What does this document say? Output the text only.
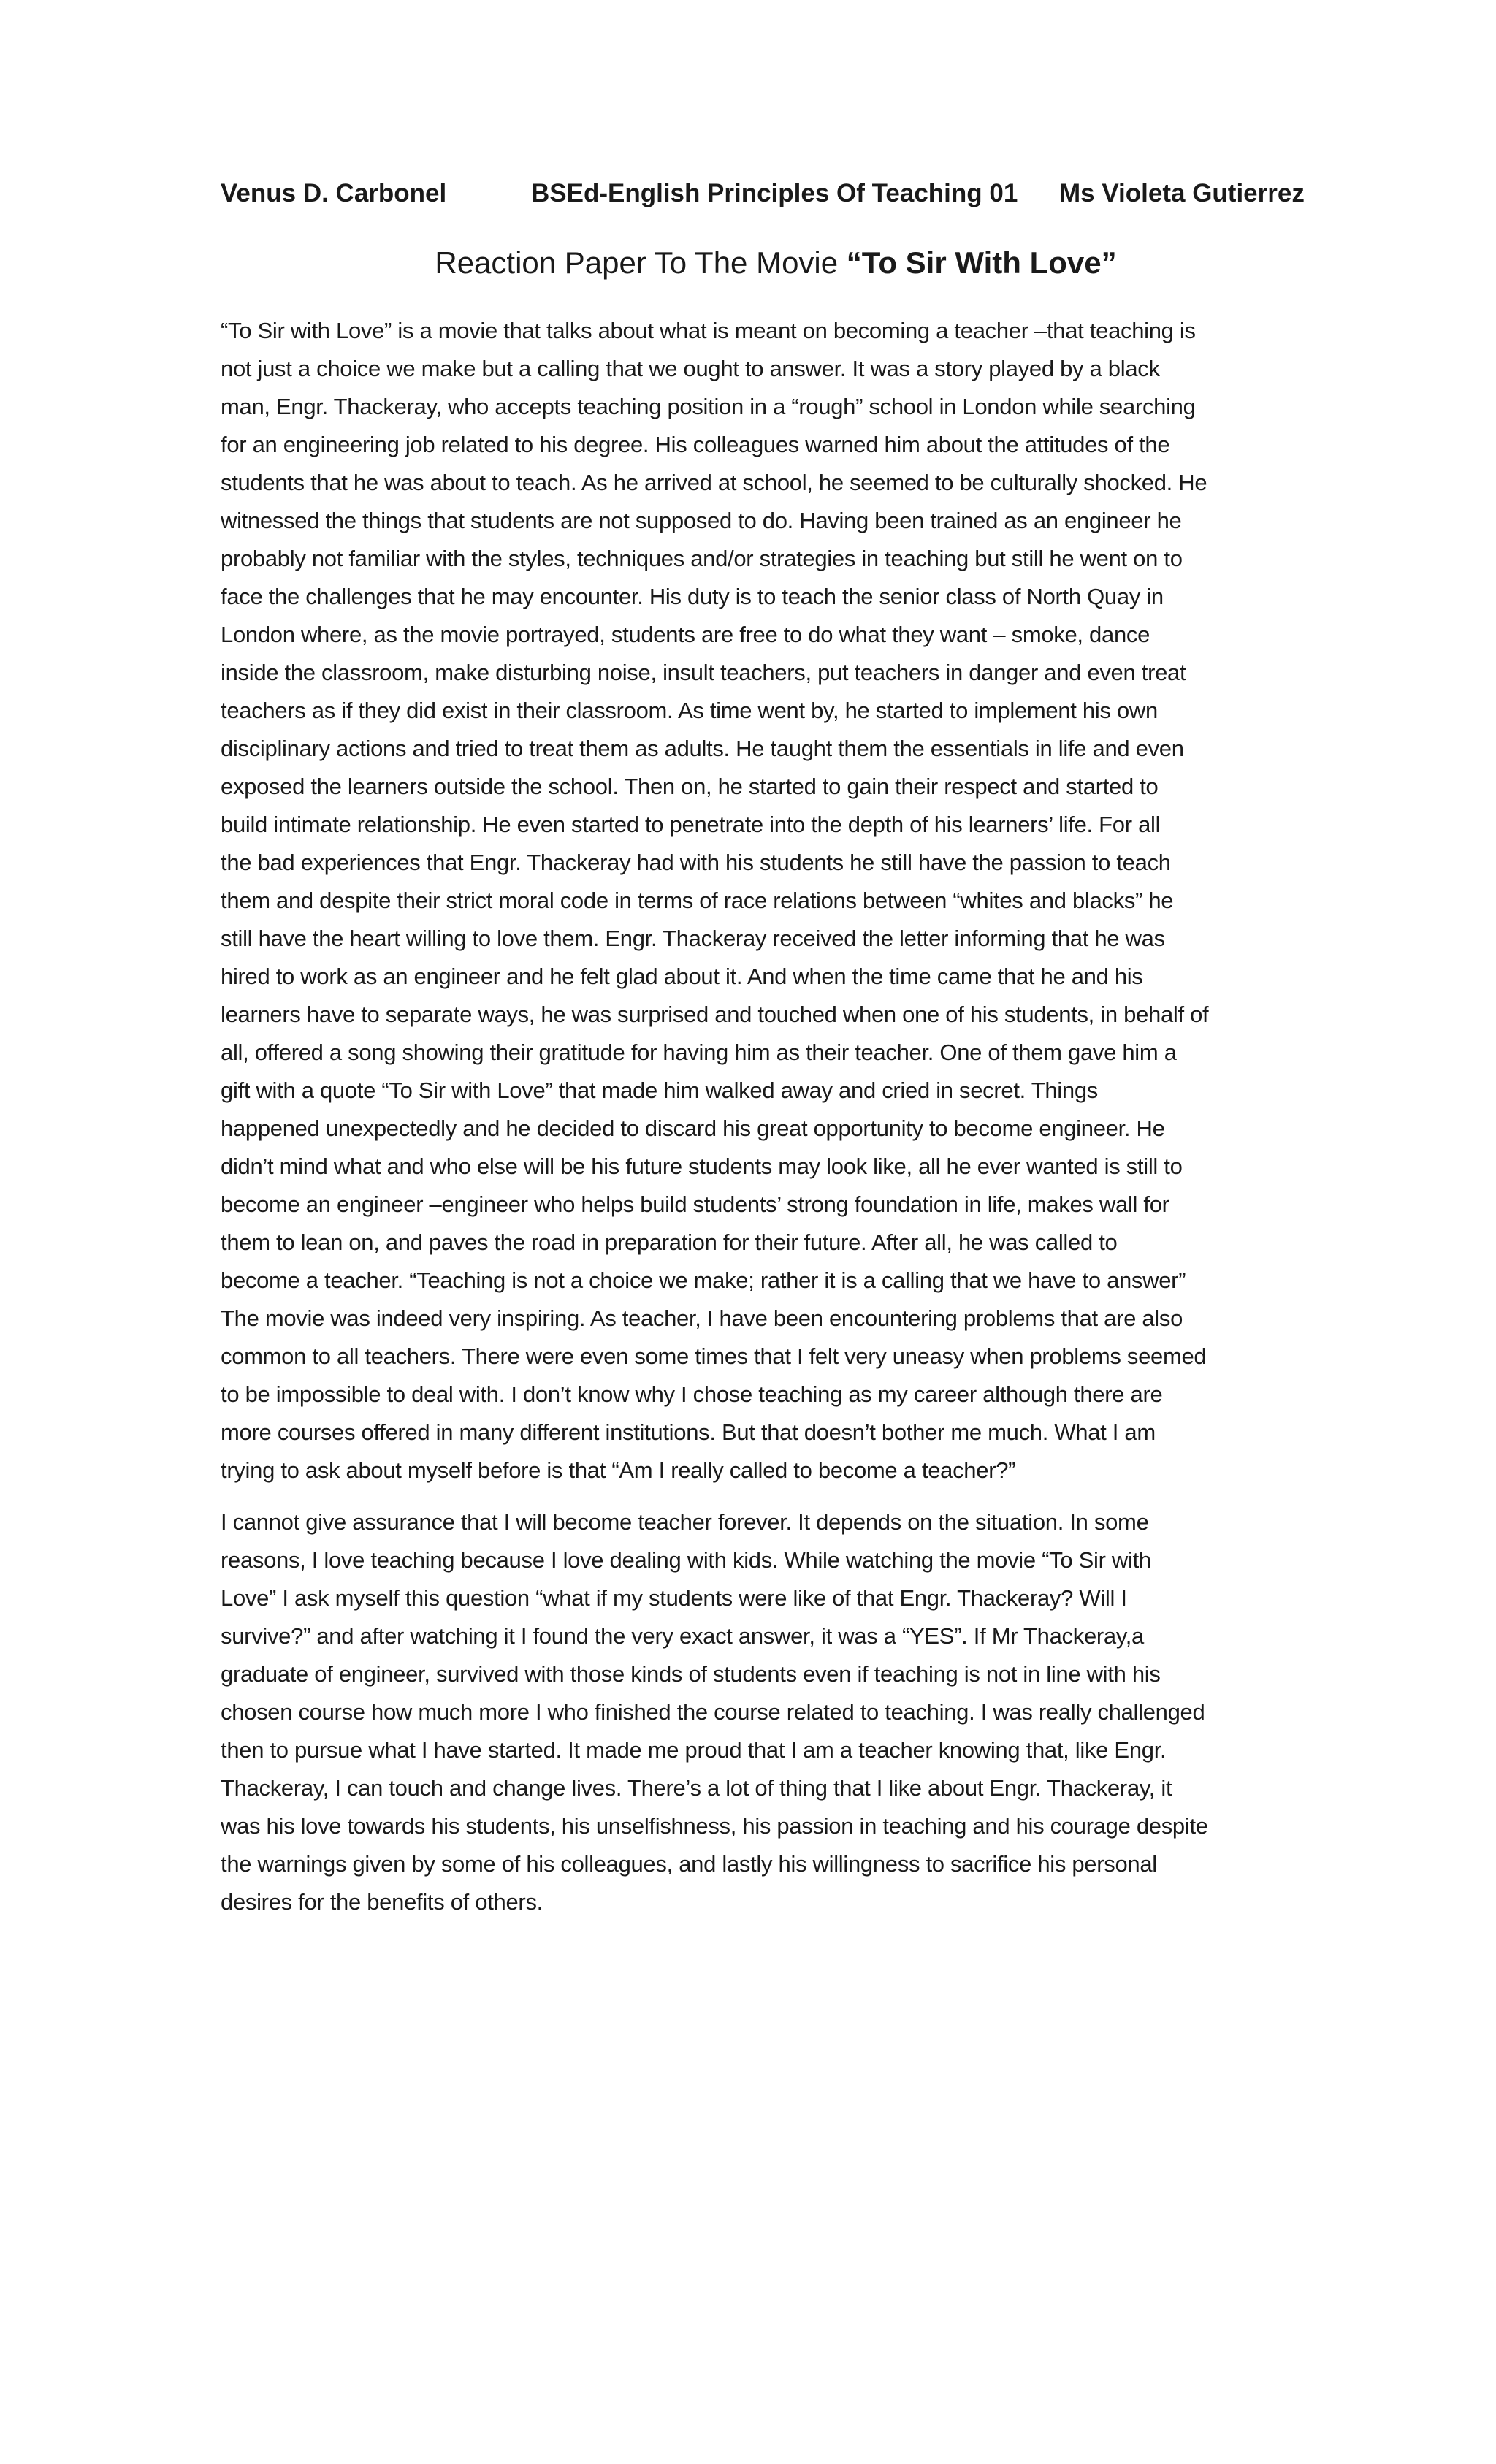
Venus D. Carbonel	BSEd-English Principles Of Teaching 01 Ms Violeta Gutierrez
Reaction Paper To The Movie “To Sir With Love”
“To Sir with Love” is a movie that talks about what is meant on becoming a teacher –that teaching is
not just a choice we make but a calling that we ought to answer. It was a story played by a black
man, Engr. Thackeray, who accepts teaching position in a “rough” school in London while searching
for an engineering job related to his degree. His colleagues warned him about the attitudes of the
students that he was about to teach. As he arrived at school, he seemed to be culturally shocked. He
witnessed the things that students are not supposed to do. Having been trained as an engineer he
probably not familiar with the styles, techniques and/or strategies in teaching but still he went on to
face the challenges that he may encounter. His duty is to teach the senior class of North Quay in
London where, as the movie portrayed, students are free to do what they want – smoke, dance
inside the classroom, make disturbing noise, insult teachers, put teachers in danger and even treat
teachers as if they did exist in their classroom. As time went by, he started to implement his own
disciplinary actions and tried to treat them as adults. He taught them the essentials in life and even
exposed the learners outside the school. Then on, he started to gain their respect and started to
build intimate relationship. He even started to penetrate into the depth of his learners’ life. For all
the bad experiences that Engr. Thackeray had with his students he still have the passion to teach
them and despite their strict moral code in terms of race relations between “whites and blacks” he
still have the heart willing to love them. Engr. Thackeray received the letter informing that he was
hired to work as an engineer and he felt glad about it. And when the time came that he and his
learners have to separate ways, he was surprised and touched when one of his students, in behalf of
all, offered a song showing their gratitude for having him as their teacher. One of them gave him a
gift with a quote “To Sir with Love” that made him walked away and cried in secret. Things
happened unexpectedly and he decided to discard his great opportunity to become engineer. He
didn’t mind what and who else will be his future students may look like, all he ever wanted is still to
become an engineer –engineer who helps build students’ strong foundation in life, makes wall for
them to lean on, and paves the road in preparation for their future. After all, he was called to
become a teacher. “Teaching is not a choice we make; rather it is a calling that we have to answer”
The movie was indeed very inspiring. As teacher, I have been encountering problems that are also
common to all teachers. There were even some times that I felt very uneasy when problems seemed
to be impossible to deal with. I don’t know why I chose teaching as my career although there are
more courses offered in many different institutions. But that doesn’t bother me much. What I am
trying to ask about myself before is that “Am I really called to become a teacher?”
I cannot give assurance that I will become teacher forever. It depends on the situation. In some
reasons, I love teaching because I love dealing with kids. While watching the movie “To Sir with
Love” I ask myself this question “what if my students were like of that Engr. Thackeray? Will I
survive?” and after watching it I found the very exact answer, it was a “YES”. If Mr Thackeray,a
graduate of engineer, survived with those kinds of students even if teaching is not in line with his
chosen course how much more I who finished the course related to teaching. I was really challenged
then to pursue what I have started. It made me proud that I am a teacher knowing that, like Engr.
Thackeray, I can touch and change lives. There’s a lot of thing that I like about Engr. Thackeray, it
was his love towards his students, his unselfishness, his passion in teaching and his courage despite
the warnings given by some of his colleagues, and lastly his willingness to sacrifice his personal
desires for the benefits of others.
